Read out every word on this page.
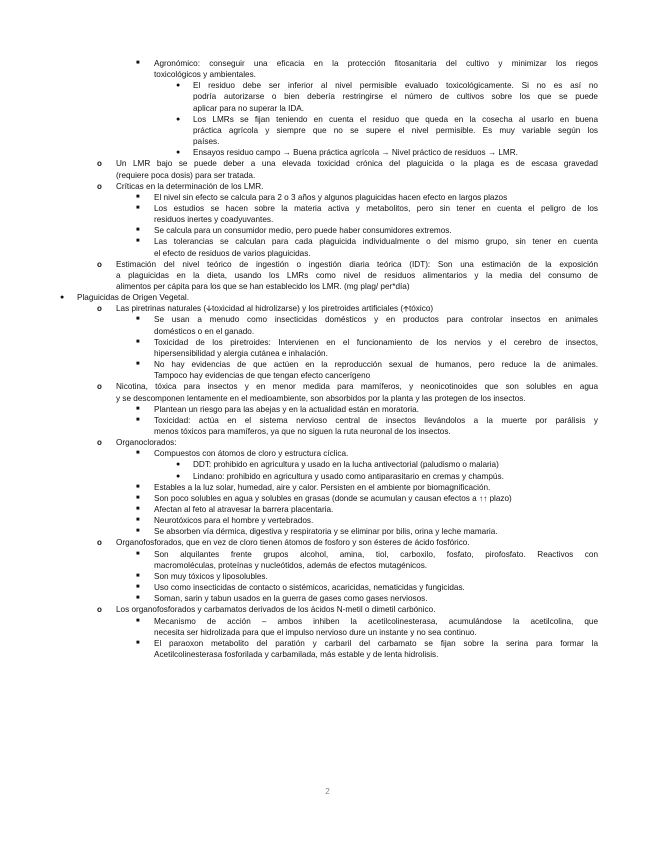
■ Agronómico: conseguir una eficacia en la protección fitosanitaria del cultivo y minimizar los riegos
toxicológicos y ambientales.
● El residuo debe ser inferior al nivel permisible evaluado toxicológicamente. Si no es así no
podría autorizarse o bien debería restringirse el número de cultivos sobre los que se puede
aplicar para no superar la IDA.
● Los LMRs se fijan teniendo en cuenta el residuo que queda en la cosecha al usarlo en buena
práctica agrícola y siempre que no se supere el nivel permisible. Es muy variable según los
países.
● Ensayos residuo campo → Buena práctica agrícola → Nivel práctico de residuos → LMR.
o Un LMR bajo se puede deber a una elevada toxicidad crónica del plaguicida o la plaga es de escasa gravedad
(requiere poca dosis) para ser tratada.
o Críticas en la determinación de los LMR.
■ El nivel sin efecto se calcula para 2 o 3 años y algunos plaguicidas hacen efecto en largos plazos
■ Los estudios se hacen sobre la materia activa y metabolitos, pero sin tener en cuenta el peligro de los
residuos inertes y coadyuvantes.
■ Se calcula para un consumidor medio, pero puede haber consumidores extremos.
■ Las tolerancias se calculan para cada plaguicida individualmente o del mismo grupo, sin tener en cuenta
el efecto de residuos de varios plaguicidas.
o Estimación del nivel teórico de ingestión o ingestión diaria teórica (IDT): Son una estimación de la exposición
a plaguicidas en la dieta, usando los LMRs como nivel de residuos alimentarios y la media del consumo de
alimentos per cápita para los que se han establecido los LMR. (mg plag/ per*día)
● Plaguicidas de Origen Vegetal.
o Las piretrinas naturales (🡫toxicidad al hidrolizarse) y los piretroides artificiales (🡩tóxico)
■ Se usan a menudo como insecticidas domésticos y en productos para controlar insectos en animales
domésticos o en el ganado.
■ Toxicidad de los piretroides: Intervienen en el funcionamiento de los nervios y el cerebro de insectos,
hipersensibilidad y alergia cutánea e inhalación.
■ No hay evidencias de que actúen en la reproducción sexual de humanos, pero reduce la de animales.
Tampoco hay evidencias de que tengan efecto cancerígeno
o Nicotina, tóxica para insectos y en menor medida para mamíferos, y neonicotinoides que son solubles en agua
y se descomponen lentamente en el medioambiente, son absorbidos por la planta y las protegen de los insectos.
■ Plantean un riesgo para las abejas y en la actualidad están en moratoria.
■ Toxicidad: actúa en el sistema nervioso central de insectos llevándolos a la muerte por parálisis y
menos tóxicos para mamíferos, ya que no siguen la ruta neuronal de los insectos.
o Organoclorados:
■ Compuestos con átomos de cloro y estructura cíclica.
● DDT: prohibido en agricultura y usado en la lucha antivectorial (paludismo o malaria)
● Lindano: prohibido en agricultura y usado como antiparasitario en cremas y champús.
■ Estables a la luz solar, humedad, aire y calor. Persisten en el ambiente por biomagnificación.
■ Son poco solubles en agua y solubles en grasas (donde se acumulan y causan efectos a ↑↑ plazo)
■ Afectan al feto al atravesar la barrera placentaria.
■ Neurotóxicos para el hombre y vertebrados.
■ Se absorben vía dérmica, digestiva y respiratoria y se eliminar por bilis, orina y leche mamaria.
o Organofosforados, que en vez de cloro tienen átomos de fosforo y son ésteres de ácido fosfórico.
■ Son alquilantes frente grupos alcohol, amina, tiol, carboxilo, fosfato, pirofosfato. Reactivos con
macromoléculas, proteínas y nucleótidos, además de efectos mutagénicos.
■ Son muy tóxicos y liposolubles.
■ Uso como insecticidas de contacto o sistémicos, acaricidas, nematicidas y fungicidas.
■ Soman, sarin y tabun usados en la guerra de gases como gases nerviosos.
o Los organofosforados y carbamatos derivados de los ácidos N-metil o dimetil carbónico.
■ Mecanismo de acción – ambos inhiben la acetilcolinesterasa, acumulándose la acetilcolina, que
necesita ser hidrolizada para que el impulso nervioso dure un instante y no sea continuo.
■ El paraoxon metabolito del paratión y carbaril del carbamato se fijan sobre la serina para formar la
Acetilcolinesterasa fosforilada y carbamilada, más estable y de lenta hidrolisis.
2
